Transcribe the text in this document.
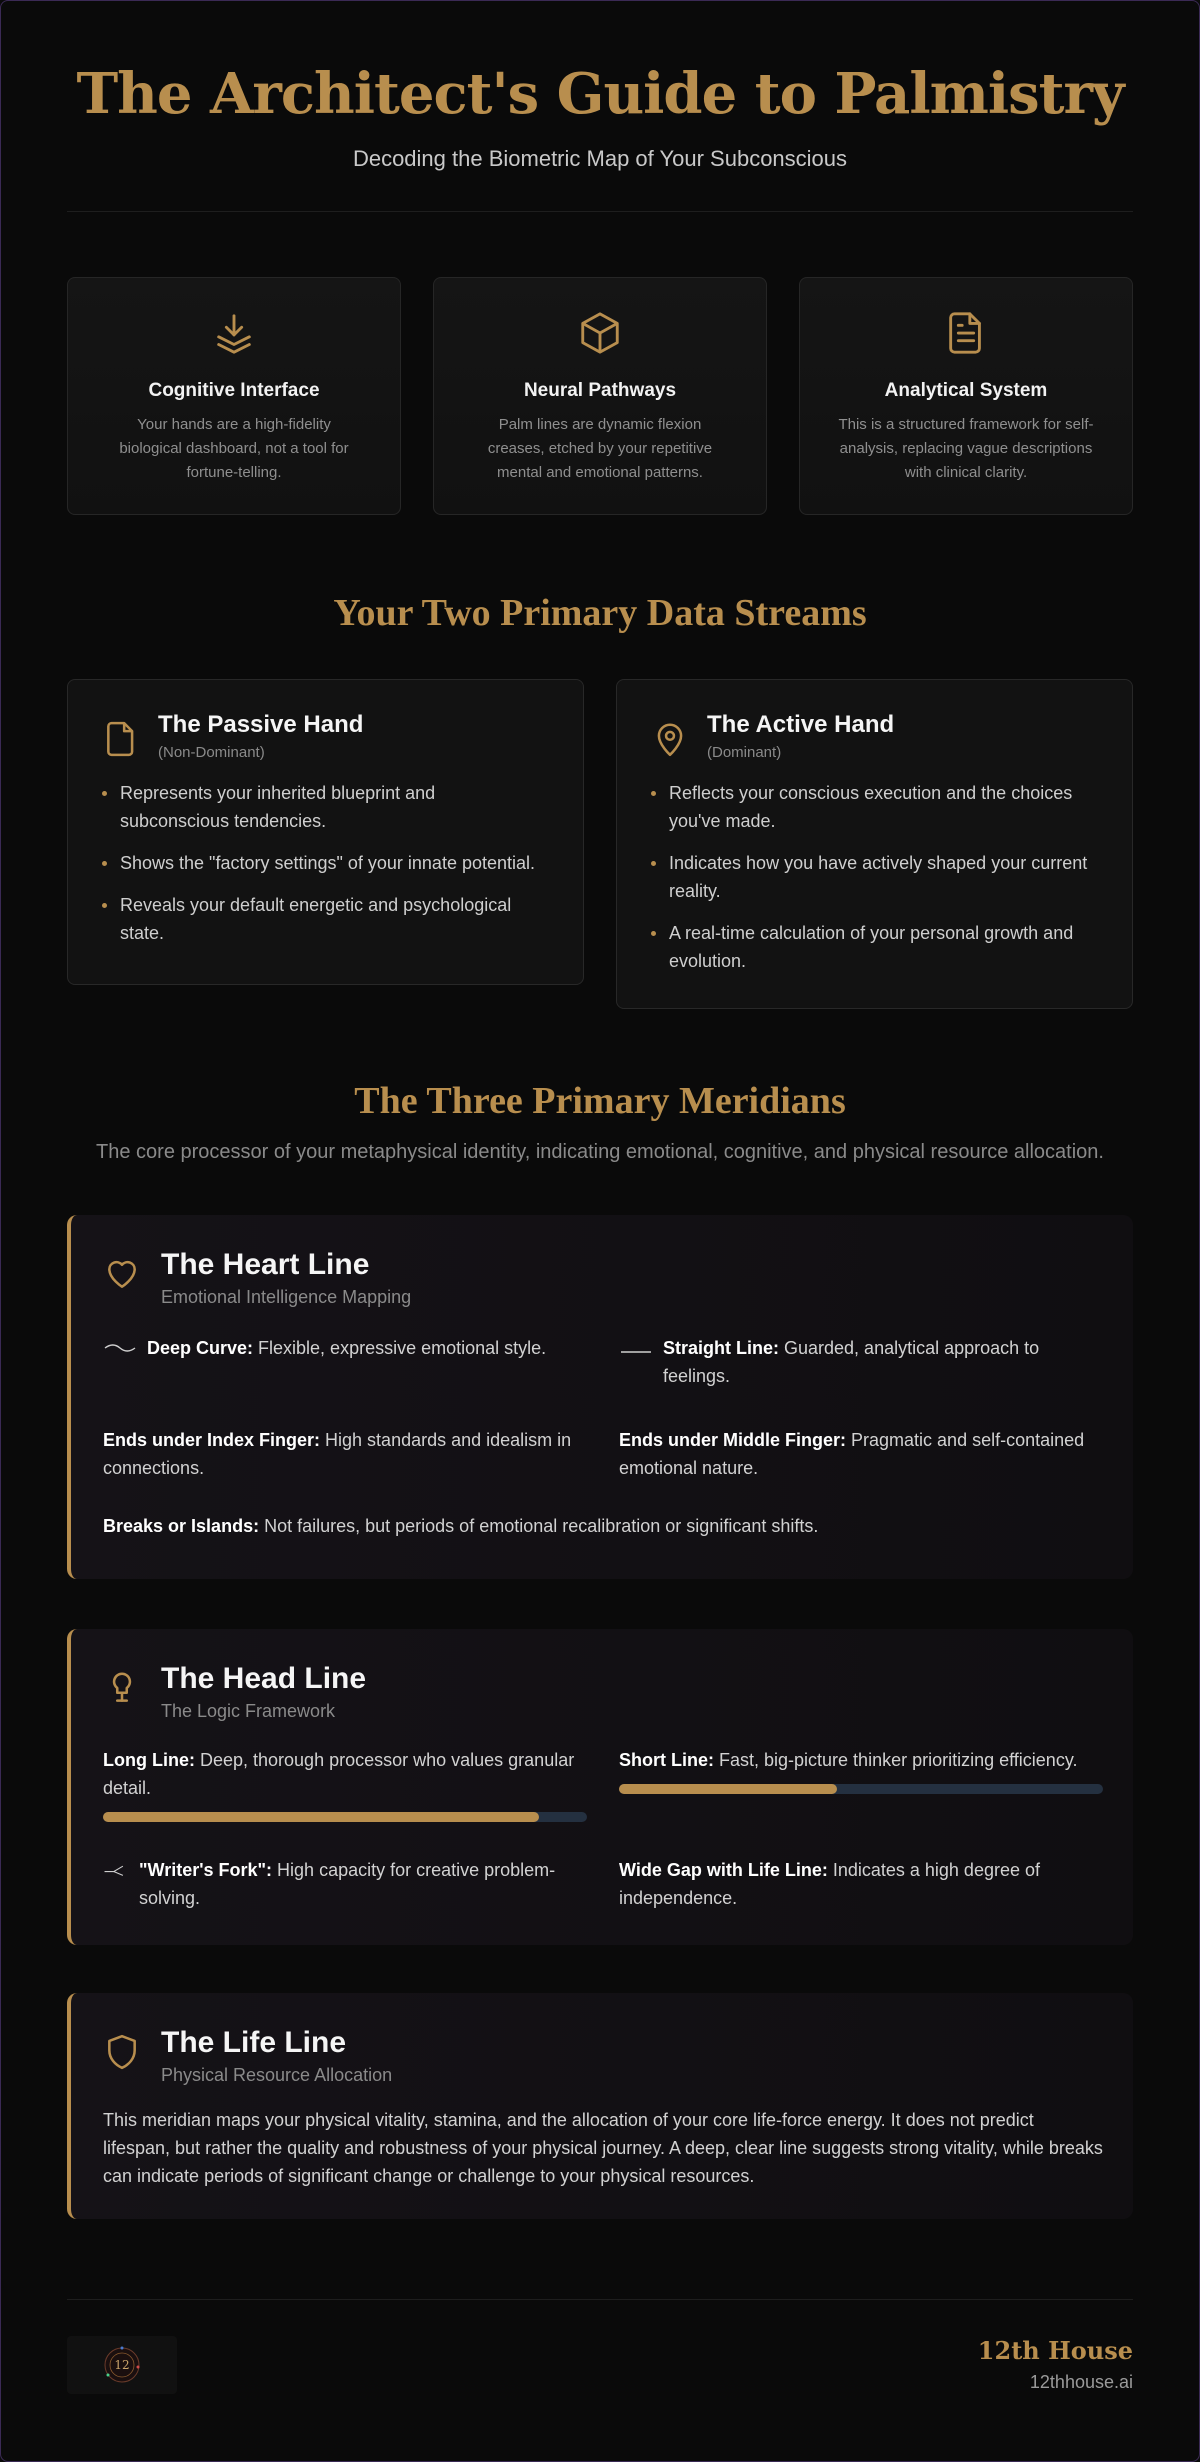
The Architect's Guide to Palmistry

Decoding the Biometric Map of Your Subconscious

Cognitive Interface

Your hands are a high-fidelity biological dashboard, not a tool for fortune-telling.

Neural Pathways

Palm lines are dynamic flexion creases, etched by your repetitive mental and emotional patterns.

Analytical System

This is a structured framework for self-analysis, replacing vague descriptions with clinical clarity.

Your Two Primary Data Streams
The Passive Hand
(Non-Dominant)
Represents your inherited blueprint and subconscious tendencies.
Shows the "factory settings" of your innate potential.
Reveals your default energetic and psychological state.
The Active Hand
(Dominant)
Reflects your conscious execution and the choices you've made.
Indicates how you have actively shaped your current reality.
A real-time calculation of your personal growth and evolution.
The Three Primary Meridians

The core processor of your metaphysical identity, indicating emotional, cognitive, and physical resource allocation.

The Heart Line
Emotional Intelligence Mapping
Deep Curve: Flexible, expressive emotional style.	Straight Line: Guarded, analytical approach to feelings.
Ends under Index Finger: High standards and idealism in connections.
Ends under Middle Finger: Pragmatic and self-contained emotional nature.
Breaks or Islands: Not failures, but periods of emotional recalibration or significant shifts.
The Head Line
The Logic Framework
Long Line: Deep, thorough processor who values granular detail.
Short Line: Fast, big-picture thinker prioritizing efficiency.
"Writer's Fork": High capacity for creative problem-solving.
Wide Gap with Life Line: Indicates a high degree of independence.
The Life Line
Physical Resource Allocation

This meridian maps your physical vitality, stamina, and the allocation of your core life-force energy. It does not predict lifespan, but rather the quality and robustness of your physical journey. A deep, clear line suggests strong vitality, while breaks can indicate periods of significant change or challenge to your physical resources.

12	12th House
12thhouse.ai
